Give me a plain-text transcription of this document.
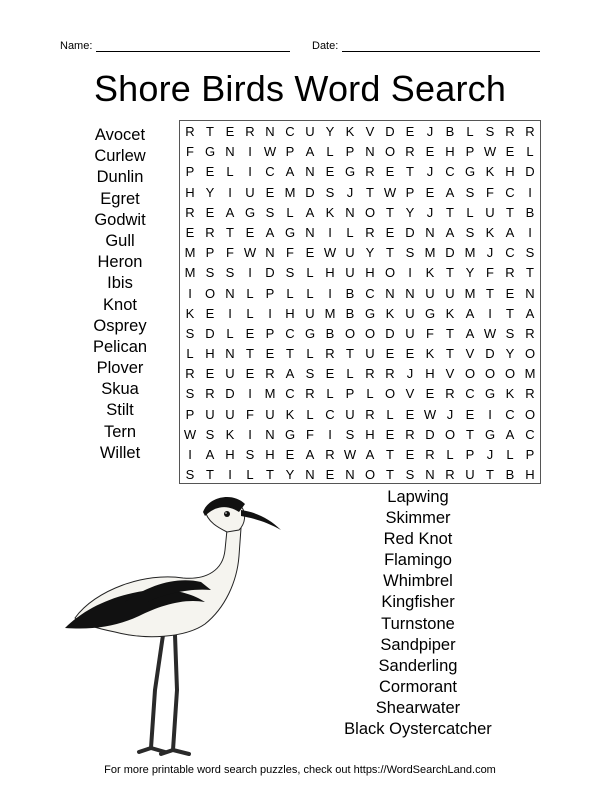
Name:	Date:
Shore Birds Word Search
Avocet
Curlew
Dunlin
Egret
Godwit
Gull
Heron
Ibis
Knot
Osprey
Pelican
Plover
Skua
Stilt
Tern
Willet
R T E R N C U Y K V D E J B L S R R
F G N	I W P A L P N O R E H P W E L
P E L	I	C A N E G R E T J C G K H D
H Y	I	U E M D S J T W P E A S F C	I
R E A G S L A K N O T Y J T L U T B
E R T E A G N	I	L R E D N A S K A	I
M P F W N F E W U Y T S M D M J C S
M S S	I	D S L H U H O	I	K T Y F R T
I	O N L P L L	I	B C N N U U M T E N
K E	I	L	I	H U M B G K U G K A	I	T A
S D L E P C G B O O D U F T A W S R
L H N T E T L R T U E E K T V D Y O
R E U E R A S E L R R J H V O O O M
S R D	I M C R L P L O V E R C G K R
P U U F U K L C U R L E W J E	I	C O
W S K	I	N G F	I	S H E R D O T G A C
I	A H S H E A R W A T E R L P J	L P
S T	I	L T Y N E N O T S N R U T B H
Lapwing
Skimmer
Red Knot
Flamingo
Whimbrel
Kingfisher
Turnstone
Sandpiper
Sanderling
Cormorant
Shearwater
Black Oystercatcher
For more printable word search puzzles, check out https://WordSearchLand.com
